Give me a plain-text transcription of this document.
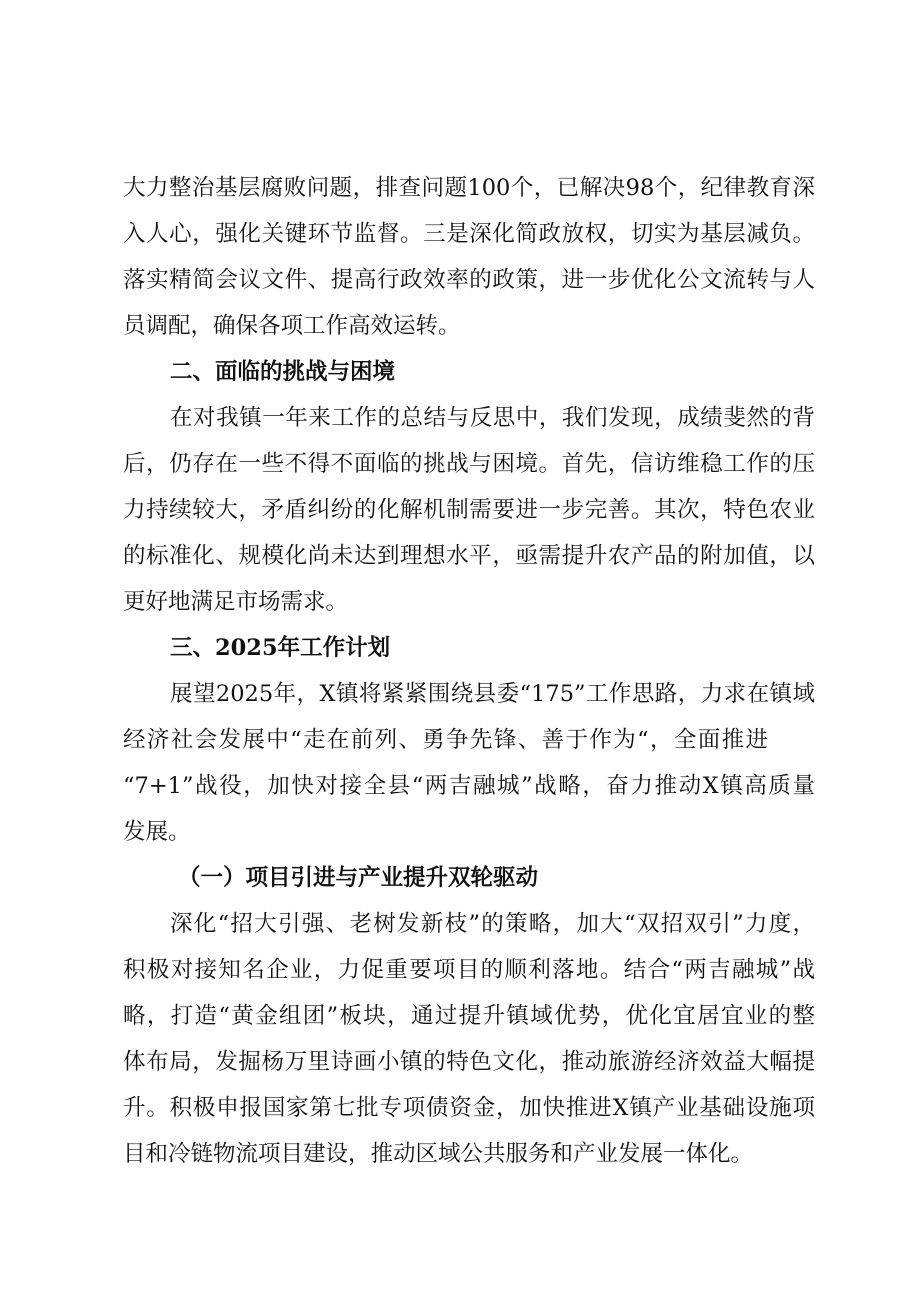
大力整治基层腐败问题，排查问题100个，已解决98个，纪律教育深

入人心，强化关键环节监督。三是深化简政放权，切实为基层减负。

落实精简会议文件、提高行政效率的政策，进一步优化公文流转与人

员调配，确保各项工作高效运转。

二、面临的挑战与困境

在对我镇一年来工作的总结与反思中，我们发现，成绩斐然的背

后，仍存在一些不得不面临的挑战与困境。首先，信访维稳工作的压

力持续较大，矛盾纠纷的化解机制需要进一步完善。其次，特色农业

的标准化、规模化尚未达到理想水平，亟需提升农产品的附加值，以

更好地满足市场需求。

三、2025年工作计划

展望2025年，X镇将紧紧围绕县委“175”工作思路，力求在镇域

经济社会发展中“走在前列、勇争先锋、善于作为“，全面推进

“7+1”战役，加快对接全县“两吉融城”战略，奋力推动X镇高质量

发展。

（一）项目引进与产业提升双轮驱动

深化“招大引强、老树发新枝”的策略，加大“双招双引”力度，

积极对接知名企业，力促重要项目的顺利落地。结合“两吉融城”战

略，打造“黄金组团”板块，通过提升镇域优势，优化宜居宜业的整

体布局，发掘杨万里诗画小镇的特色文化，推动旅游经济效益大幅提

升。积极申报国家第七批专项债资金，加快推进X镇产业基础设施项

目和冷链物流项目建设，推动区域公共服务和产业发展一体化。
